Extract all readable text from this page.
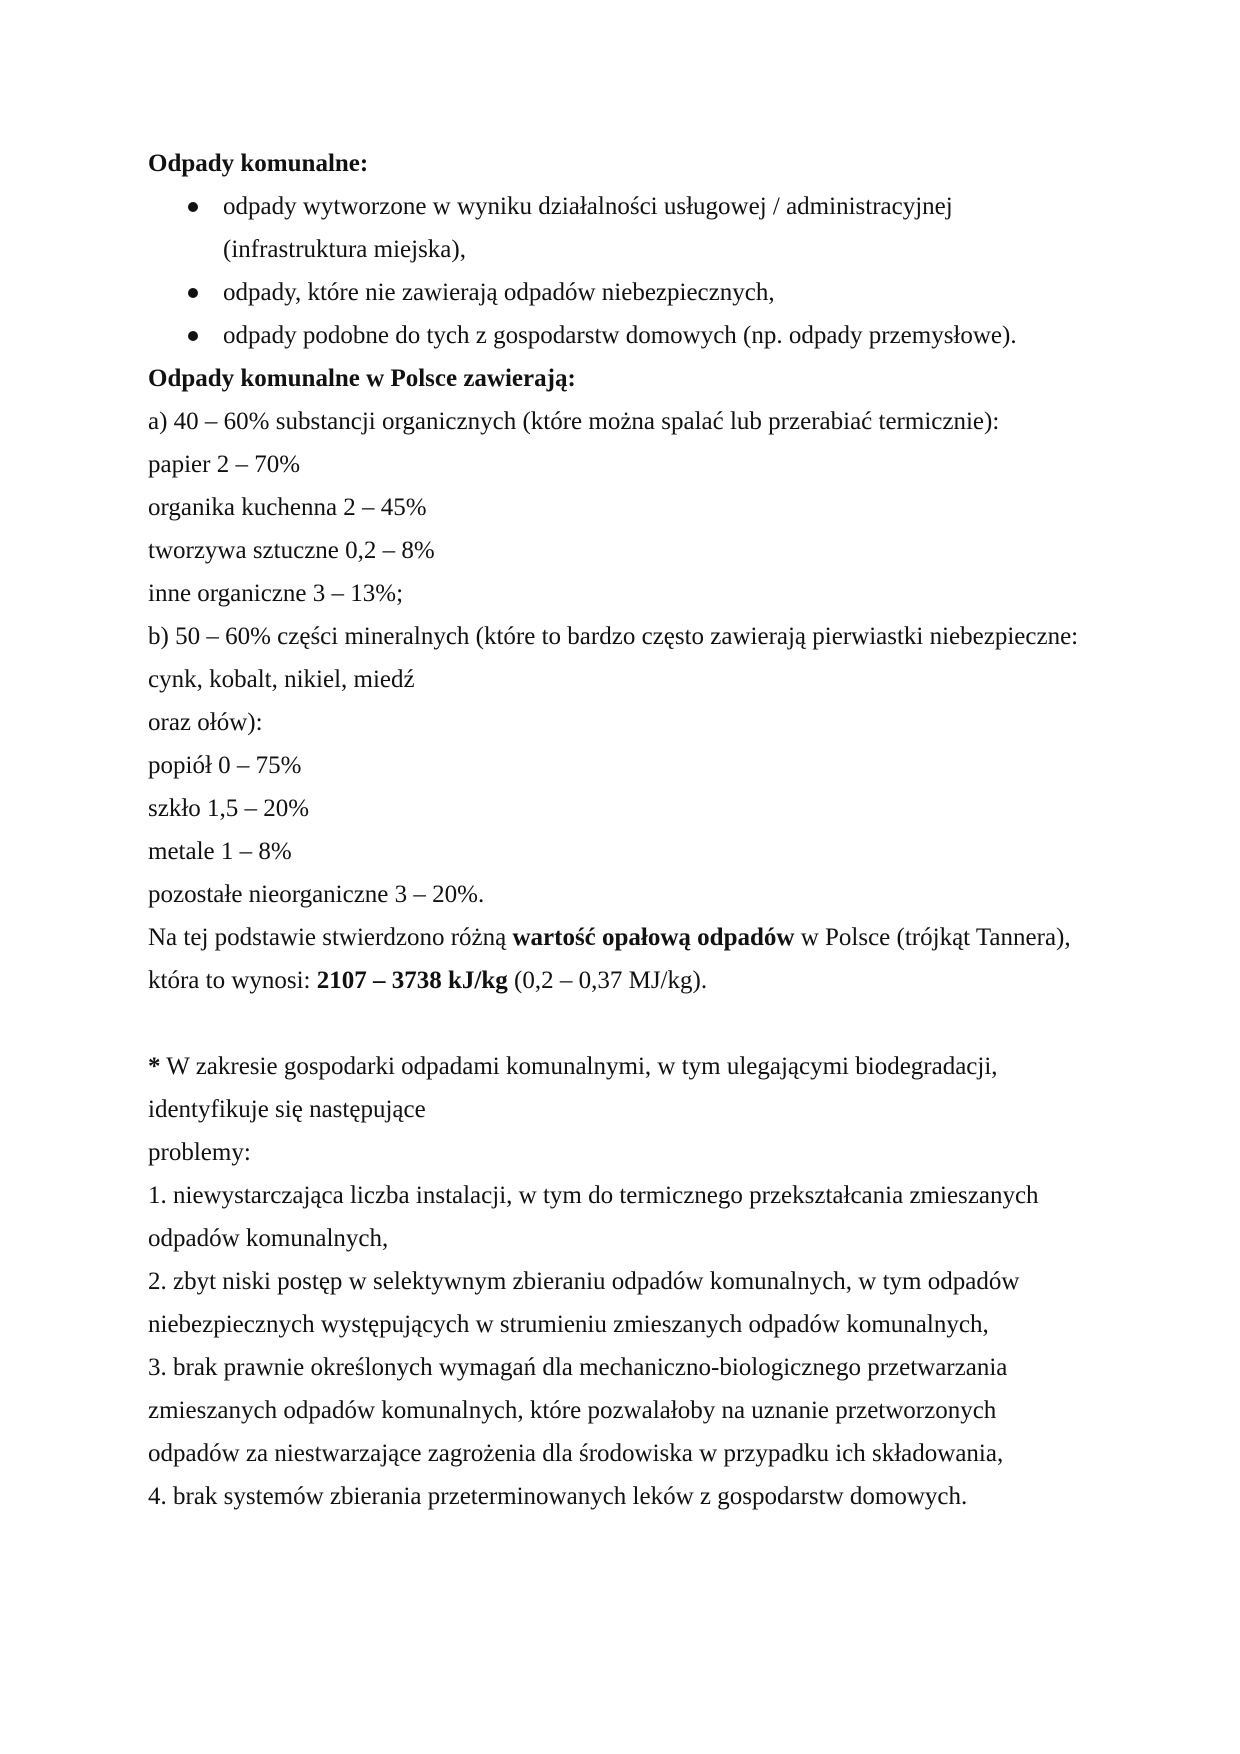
Odpady komunalne:
odpady wytworzone w wyniku działalności usługowej / administracyjnej
(infrastruktura miejska),
odpady, które nie zawierają odpadów niebezpiecznych,
odpady podobne do tych z gospodarstw domowych (np. odpady przemysłowe).
Odpady komunalne w Polsce zawierają:
a) 40 – 60% substancji organicznych (które można spalać lub przerabiać termicznie):
papier 2 – 70%
organika kuchenna 2 – 45%
tworzywa sztuczne 0,2 – 8%
inne organiczne 3 – 13%;
b) 50 – 60% części mineralnych (które to bardzo często zawierają pierwiastki niebezpieczne:
cynk, kobalt, nikiel, miedź
oraz ołów):
popiół 0 – 75%
szkło 1,5 – 20%
metale 1 – 8%
pozostałe nieorganiczne 3 – 20%.
Na tej podstawie stwierdzono różną wartość opałową odpadów w Polsce (trójkąt Tannera),
która to wynosi: 2107 – 3738 kJ/kg (0,2 – 0,37 MJ/kg).
* W zakresie gospodarki odpadami komunalnymi, w tym ulegającymi biodegradacji,
identyfikuje się następujące
problemy:
1. niewystarczająca liczba instalacji, w tym do termicznego przekształcania zmieszanych
odpadów komunalnych,
2. zbyt niski postęp w selektywnym zbieraniu odpadów komunalnych, w tym odpadów
niebezpiecznych występujących w strumieniu zmieszanych odpadów komunalnych,
3. brak prawnie określonych wymagań dla mechaniczno-biologicznego przetwarzania
zmieszanych odpadów komunalnych, które pozwalałoby na uznanie przetworzonych
odpadów za niestwarzające zagrożenia dla środowiska w przypadku ich składowania,
4. brak systemów zbierania przeterminowanych leków z gospodarstw domowych.
